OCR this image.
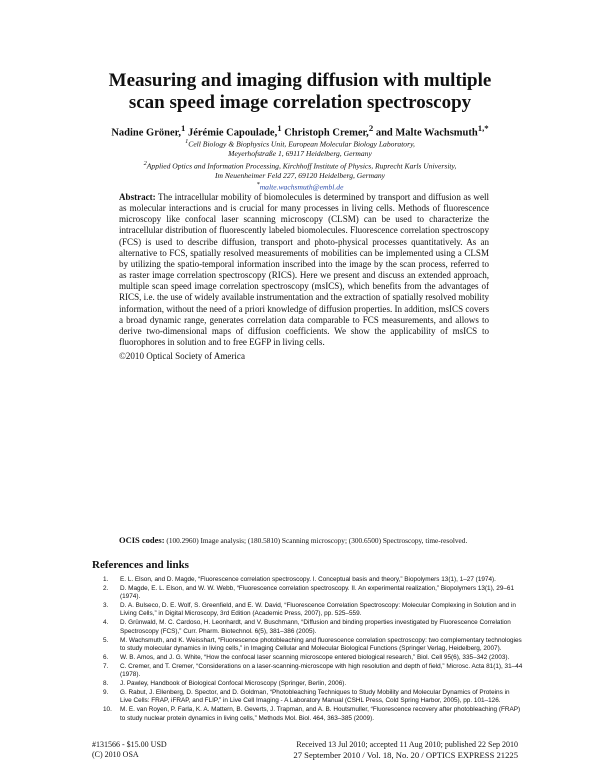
Measuring and imaging diffusion with multiple scan speed image correlation spectroscopy
Nadine Gröner,$^1$ Jérémie Capoulade,$^1$ Christoph Cremer,$^2$ and Malte Wachsmuth$^{1,*}$
$^1$Cell Biology & Biophysics Unit, European Molecular Biology Laboratory,
Meyerhofstraße 1, 69117 Heidelberg, Germany
$^2$Applied Optics and Information Processing, Kirchhoff Institute of Physics, Ruprecht Karls University,
Im Neuenheimer Feld 227, 69120 Heidelberg, Germany
*malte.wachsmuth@embl.de
Abstract: The intracellular mobility of biomolecules is determined by transport and diffusion as well as molecular interactions and is crucial for many processes in living cells. Methods of fluorescence microscopy like confocal laser scanning microscopy (CLSM) can be used to characterize the intracellular distribution of fluorescently labeled biomolecules. Fluorescence correlation spectroscopy (FCS) is used to describe diffusion, transport and photo-physical processes quantitatively. As an alternative to FCS, spatially resolved measurements of mobilities can be implemented using a CLSM by utilizing the spatio-temporal information inscribed into the image by the scan process, referred to as raster image correlation spectroscopy (RICS). Here we present and discuss an extended approach, multiple scan speed image correlation spectroscopy (msICS), which benefits from the advantages of RICS, i.e. the use of widely available instrumentation and the extraction of spatially resolved mobility information, without the need of a priori knowledge of diffusion properties. In addition, msICS covers a broad dynamic range, generates correlation data comparable to FCS measurements, and allows to derive two-dimensional maps of diffusion coefficients. We show the applicability of msICS to fluorophores in solution and to free EGFP in living cells.
©2010 Optical Society of America
OCIS codes: (100.2960) Image analysis; (180.5810) Scanning microscopy; (300.6500) Spectroscopy, time-resolved.
References and links
1. E. L. Elson, and D. Magde, “Fluorescence correlation spectroscopy. I. Conceptual basis and theory,” Biopolymers 13(1), 1–27 (1974).
2. D. Magde, E. L. Elson, and W. W. Webb, “Fluorescence correlation spectroscopy. II. An experimental realization,” Biopolymers 13(1), 29–61 (1974).
3. D. A. Bulseco, D. E. Wolf, S. Greenfield, and E. W. David, “Fluorescence Correlation Spectroscopy: Molecular Complexing in Solution and in Living Cells,” in Digital Microscopy, 3rd Edition (Academic Press, 2007), pp. 525–559.
4. D. Grünwald, M. C. Cardoso, H. Leonhardt, and V. Buschmann, “Diffusion and binding properties investigated by Fluorescence Correlation Spectroscopy (FCS),” Curr. Pharm. Biotechnol. 6(5), 381–386 (2005).
5. M. Wachsmuth, and K. Weisshart, “Fluorescence photobleaching and fluorescence correlation spectroscopy: two complementary technologies to study molecular dynamics in living cells,” in Imaging Cellular and Molecular Biological Functions (Springer Verlag, Heidelberg, 2007).
6. W. B. Amos, and J. G. White, “How the confocal laser scanning microscope entered biological research,” Biol. Cell 95(6), 335–342 (2003).
7. C. Cremer, and T. Cremer, “Considerations on a laser-scanning-microscope with high resolution and depth of field,” Microsc. Acta 81(1), 31–44 (1978).
8. J. Pawley, Handbook of Biological Confocal Microscopy (Springer, Berlin, 2006).
9. G. Rabut, J. Ellenberg, D. Spector, and D. Goldman, “Photobleaching Techniques to Study Mobility and Molecular Dynamics of Proteins in Live Cells: FRAP, iFRAP, and FLIP,” in Live Cell Imaging - A Laboratory Manual (CSHL Press, Cold Spring Harbor, 2005), pp. 101–126.
10. M. E. van Royen, P. Farla, K. A. Mattern, B. Geverts, J. Trapman, and A. B. Houtsmuller, “Fluorescence recovery after photobleaching (FRAP) to study nuclear protein dynamics in living cells,” Methods Mol. Biol. 464, 363–385 (2009).
#131566 - $15.00 USD
(C) 2010 OSA
Received 13 Jul 2010; accepted 11 Aug 2010; published 22 Sep 2010
27 September 2010 / Vol. 18, No. 20 / OPTICS EXPRESS 21225
